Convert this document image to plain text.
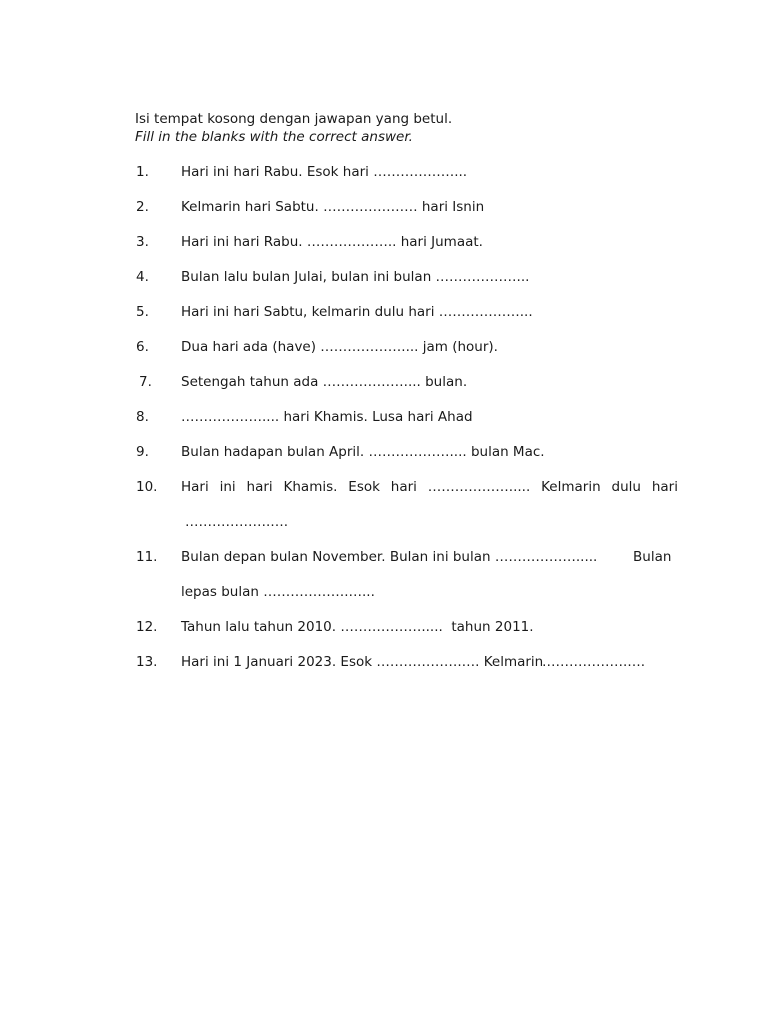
Isi tempat kosong dengan jawapan yang betul.
Fill in the blanks with the correct answer.
1. Hari ini hari Rabu. Esok hari ………………...
2. Kelmarin hari Sabtu. ………………… hari Isnin
3. Hari ini hari Rabu. ……………….. hari Jumaat.
4. Bulan lalu bulan Julai, bulan ini bulan ………………...
5. Hari ini hari Sabtu, kelmarin dulu hari ………………...
6. Dua hari ada (have) ……………….... jam (hour).
7. Setengah tahun ada ……………….... bulan.
8. ……………….... hari Khamis. Lusa hari Ahad
9. Bulan hadapan bulan April. ……………….... bulan Mac.
10. Hari ini hari Khamis. Esok hari ………………..... Kelmarin dulu hari
……………….….
11. Bulan depan bulan November. Bulan ini bulan ……………….....	Bulan
lepas bulan ……………….…...
12. Tahun lalu tahun 2010. ……………….....  tahun 2011.
13. Hari ini 1 Januari 2023. Esok ……………….…. Kelmarin
……………….….
